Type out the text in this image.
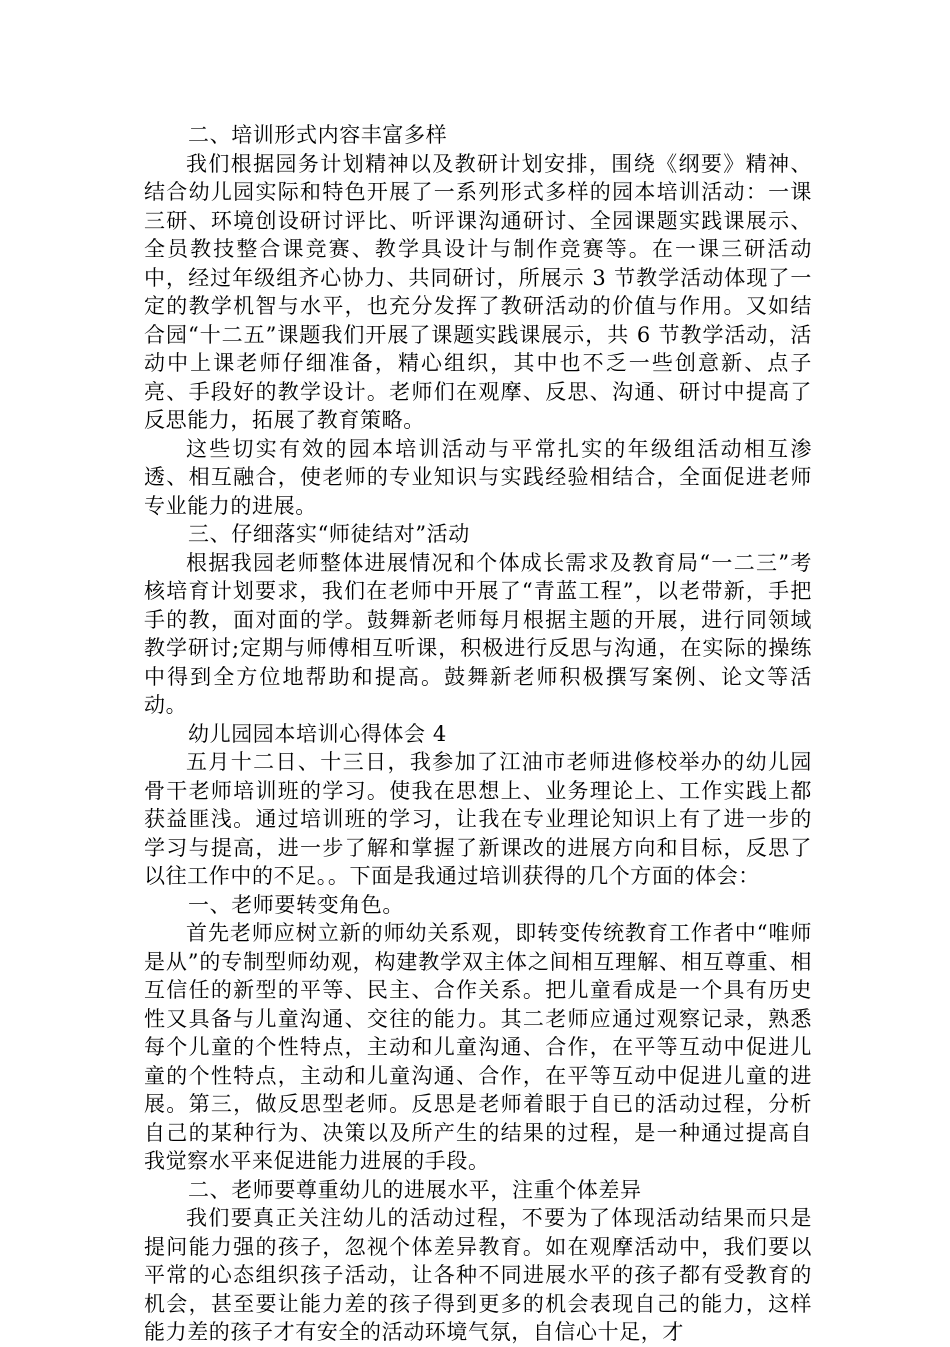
二、培训形式内容丰富多样

我们根据园务计划精神以及教研计划安排，围绕《纲要》精神、结合幼儿园实际和特色开展了一系列形式多样的园本培训活动：一课三研、环境创设研讨评比、听评课沟通研讨、全园课题实践课展示、全员教技整合课竞赛、教学具设计与制作竞赛等。在一课三研活动中，经过年级组齐心协力、共同研讨，所展示 3 节教学活动体现了一定的教学机智与水平，也充分发挥了教研活动的价值与作用。又如结合园“十二五”课题我们开展了课题实践课展示，共 6 节教学活动，活动中上课老师仔细准备，精心组织，其中也不乏一些创意新、点子亮、手段好的教学设计。老师们在观摩、反思、沟通、研讨中提高了反思能力，拓展了教育策略。

这些切实有效的园本培训活动与平常扎实的年级组活动相互渗透、相互融合，使老师的专业知识与实践经验相结合，全面促进老师专业能力的进展。

三、仔细落实“师徒结对”活动

根据我园老师整体进展情况和个体成长需求及教育局“一二三”考核培育计划要求，我们在老师中开展了“青蓝工程”，以老带新，手把手的教，面对面的学。鼓舞新老师每月根据主题的开展，进行同领域教学研讨;定期与师傅相互听课，积极进行反思与沟通，在实际的操练中得到全方位地帮助和提高。鼓舞新老师积极撰写案例、论文等活动。

幼儿园园本培训心得体会 4

五月十二日、十三日，我参加了江油市老师进修校举办的幼儿园骨干老师培训班的学习。使我在思想上、业务理论上、工作实践上都获益匪浅。通过培训班的学习，让我在专业理论知识上有了进一步的学习与提高，进一步了解和掌握了新课改的进展方向和目标，反思了以往工作中的不足。。下面是我通过培训获得的几个方面的体会：

一、老师要转变角色。

首先老师应树立新的师幼关系观，即转变传统教育工作者中“唯师是从”的专制型师幼观，构建教学双主体之间相互理解、相互尊重、相互信任的新型的平等、民主、合作关系。把儿童看成是一个具有历史性又具备与儿童沟通、交往的能力。其二老师应通过观察记录，熟悉每个儿童的个性特点，主动和儿童沟通、合作，在平等互动中促进儿童的个性特点，主动和儿童沟通、合作，在平等互动中促进儿童的进展。第三，做反思型老师。反思是老师着眼于自已的活动过程，分析自己的某种行为、决策以及所产生的结果的过程，是一种通过提高自我觉察水平来促进能力进展的手段。

二、老师要尊重幼儿的进展水平，注重个体差异

我们要真正关注幼儿的活动过程，不要为了体现活动结果而只是提问能力强的孩子，忽视个体差异教育。如在观摩活动中，我们要以平常的心态组织孩子活动，让各种不同进展水平的孩子都有受教育的机会，甚至要让能力差的孩子得到更多的机会表现自己的能力，这样能力差的孩子才有安全的活动环境气氛，自信心十足，才
